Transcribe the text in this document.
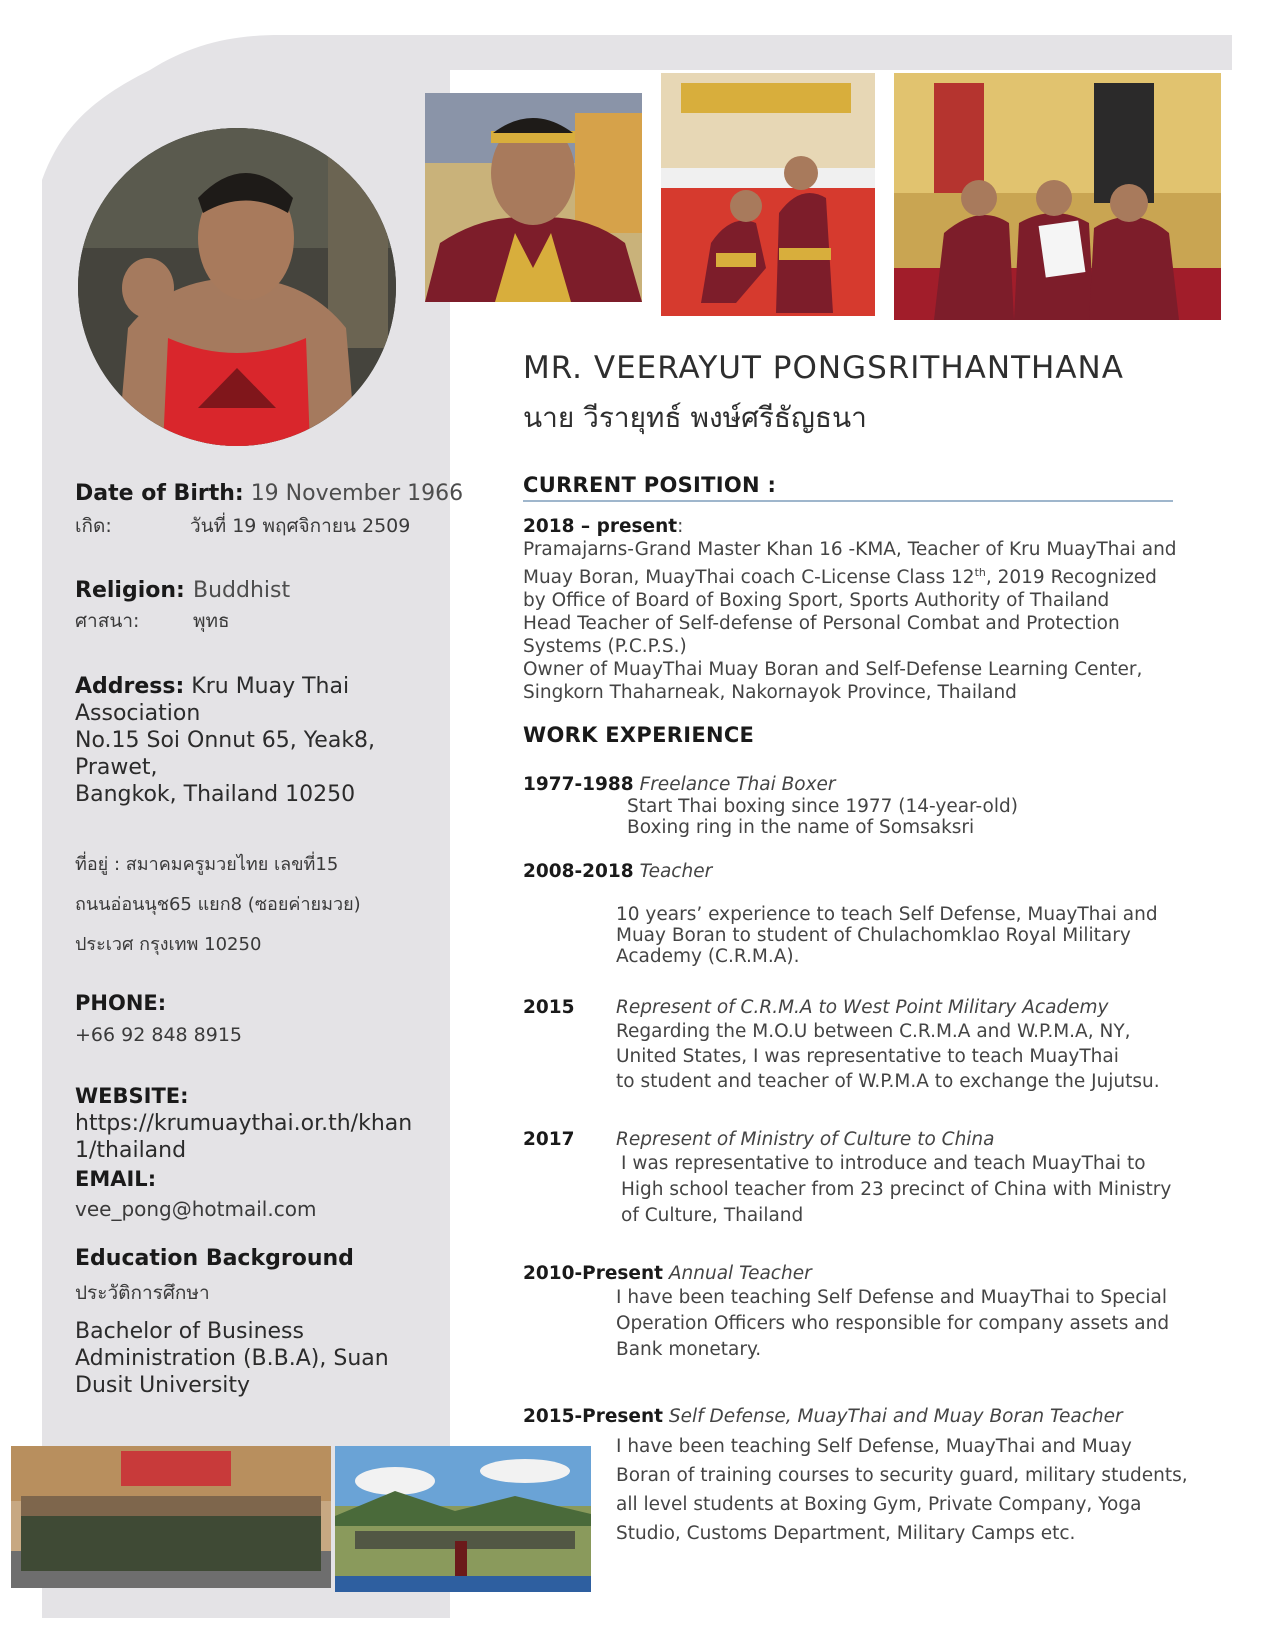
MR. VEERAYUT PONGSRITHANTHANA
นาย วีรายุทธ์ พงษ์ศรีธัญธนา
Date of Birth: 19 November 1966
เกิด:	วันที่ 19 พฤศจิกายน 2509
Religion: Buddhist
ศาสนา:	พุทธ
Address: Kru Muay Thai
Association
No.15 Soi Onnut 65, Yeak8,
Prawet,
Bangkok, Thailand 10250
ที่อยู่ : สมาคมครูมวยไทย เลขที่15
ถนนอ่อนนุช65 แยก8 (ซอยค่ายมวย)
ประเวศ กรุงเทพ 10250
PHONE:
+66 92 848 8915
WEBSITE:
https://krumuaythai.or.th/khan
1/thailand
EMAIL:
vee_pong@hotmail.com
Education Background
ประวัติการศึกษา
Bachelor of Business
Administration (B.B.A), Suan
Dusit University
CURRENT POSITION :
2018 – present:
Pramajarns-Grand Master Khan 16 -KMA, Teacher of Kru MuayThai and
Muay Boran, MuayThai coach C-License Class 12th, 2019 Recognized
by Office of Board of Boxing Sport, Sports Authority of Thailand
Head Teacher of Self-defense of Personal Combat and Protection
Systems (P.C.P.S.)
Owner of MuayThai Muay Boran and Self-Defense Learning Center,
Singkorn Thaharneak, Nakornayok Province, Thailand
WORK EXPERIENCE
1977-1988 Freelance Thai Boxer
Start Thai boxing since 1977 (14-year-old)
Boxing ring in the name of Somsaksri
2008-2018 Teacher
10 years’ experience to teach Self Defense, MuayThai and
Muay Boran to student of Chulachomklao Royal Military
Academy (C.R.M.A).
2015 Represent of C.R.M.A to West Point Military Academy
Regarding the M.O.U between C.R.M.A and W.P.M.A, NY,
United States, I was representative to teach MuayThai
to student and teacher of W.P.M.A to exchange the Jujutsu.
2017 Represent of Ministry of Culture to China
I was representative to introduce and teach MuayThai to
High school teacher from 23 precinct of China with Ministry
of Culture, Thailand
2010-Present Annual Teacher
I have been teaching Self Defense and MuayThai to Special
Operation Officers who responsible for company assets and
Bank monetary.
2015-Present Self Defense, MuayThai and Muay Boran Teacher
I have been teaching Self Defense, MuayThai and Muay
Boran of training courses to security guard, military students,
all level students at Boxing Gym, Private Company, Yoga
Studio, Customs Department, Military Camps etc.
